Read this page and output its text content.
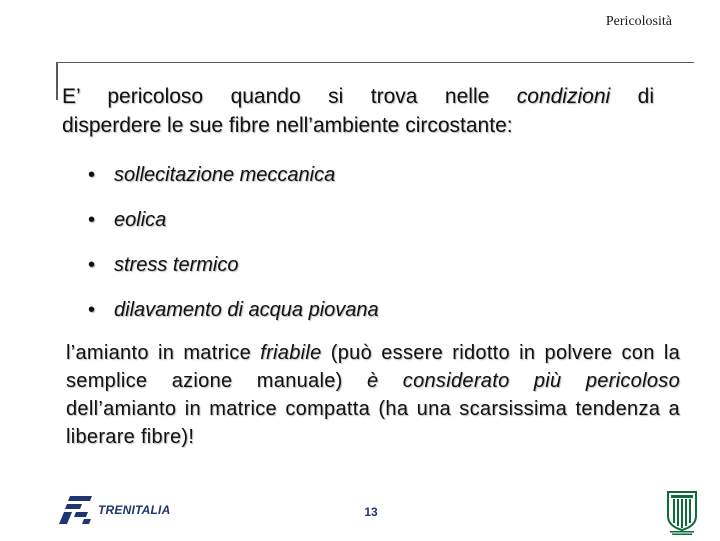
Pericolosità
E’ pericoloso quando si trova nelle condizioni di
disperdere le sue fibre nell’ambiente circostante:
• sollecitazione meccanica
• eolica
• stress termico
• dilavamento di acqua piovana
l’amianto in matrice friabile (può essere ridotto in polvere con la semplice azione manuale) è considerato più pericoloso dell’amianto in matrice compatta (ha una scarsissima tendenza a liberare fibre)!
TRENITALIA	13
